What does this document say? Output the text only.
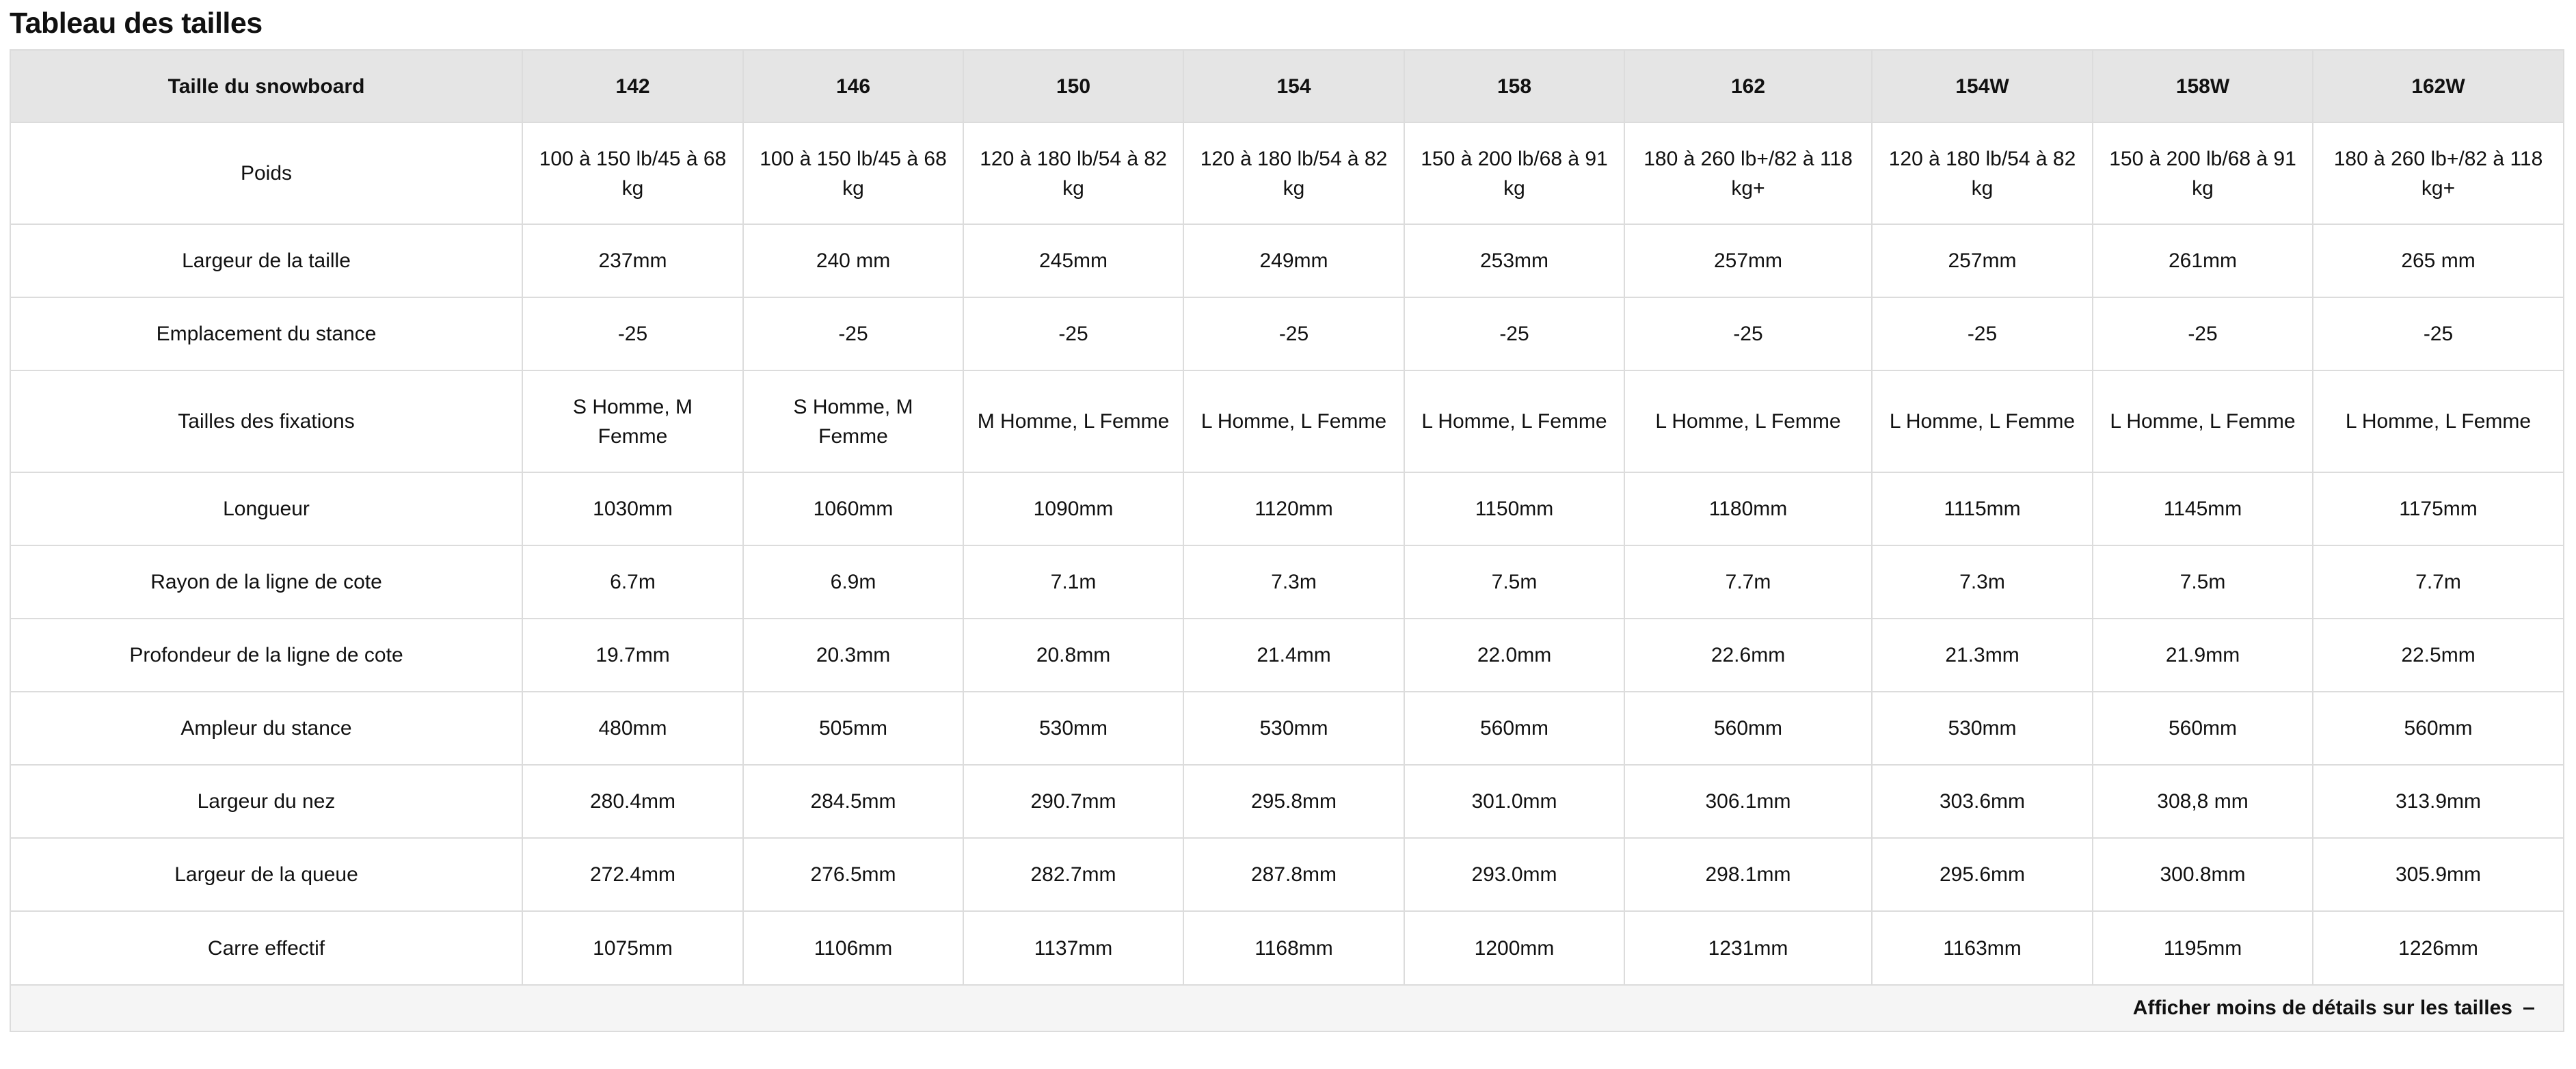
Tableau des tailles
Taille du snowboard	142	146	150	154	158	162	154W	158W	162W
Poids	100 à 150 lb/45 à 68 kg	100 à 150 lb/45 à 68 kg	120 à 180 lb/54 à 82 kg	120 à 180 lb/54 à 82 kg	150 à 200 lb/68 à 91 kg	180 à 260 lb+/82 à 118 kg+	120 à 180 lb/54 à 82 kg	150 à 200 lb/68 à 91 kg	180 à 260 lb+/82 à 118 kg+
Largeur de la taille	237mm	240 mm	245mm	249mm	253mm	257mm	257mm	261mm	265 mm
Emplacement du stance	-25	-25	-25	-25	-25	-25	-25	-25	-25
Tailles des fixations	S Homme, M Femme	S Homme, M Femme	M Homme, L Femme	L Homme, L Femme	L Homme, L Femme	L Homme, L Femme	L Homme, L Femme	L Homme, L Femme	L Homme, L Femme
Longueur	1030mm	1060mm	1090mm	1120mm	1150mm	1180mm	1115mm	1145mm	1175mm
Rayon de la ligne de cote	6.7m	6.9m	7.1m	7.3m	7.5m	7.7m	7.3m	7.5m	7.7m
Profondeur de la ligne de cote	19.7mm	20.3mm	20.8mm	21.4mm	22.0mm	22.6mm	21.3mm	21.9mm	22.5mm
Ampleur du stance	480mm	505mm	530mm	530mm	560mm	560mm	530mm	560mm	560mm
Largeur du nez	280.4mm	284.5mm	290.7mm	295.8mm	301.0mm	306.1mm	303.6mm	308,8 mm	313.9mm
Largeur de la queue	272.4mm	276.5mm	282.7mm	287.8mm	293.0mm	298.1mm	295.6mm	300.8mm	305.9mm
Carre effectif	1075mm	1106mm	1137mm	1168mm	1200mm	1231mm	1163mm	1195mm	1226mm
Afficher moins de détails sur les tailles
